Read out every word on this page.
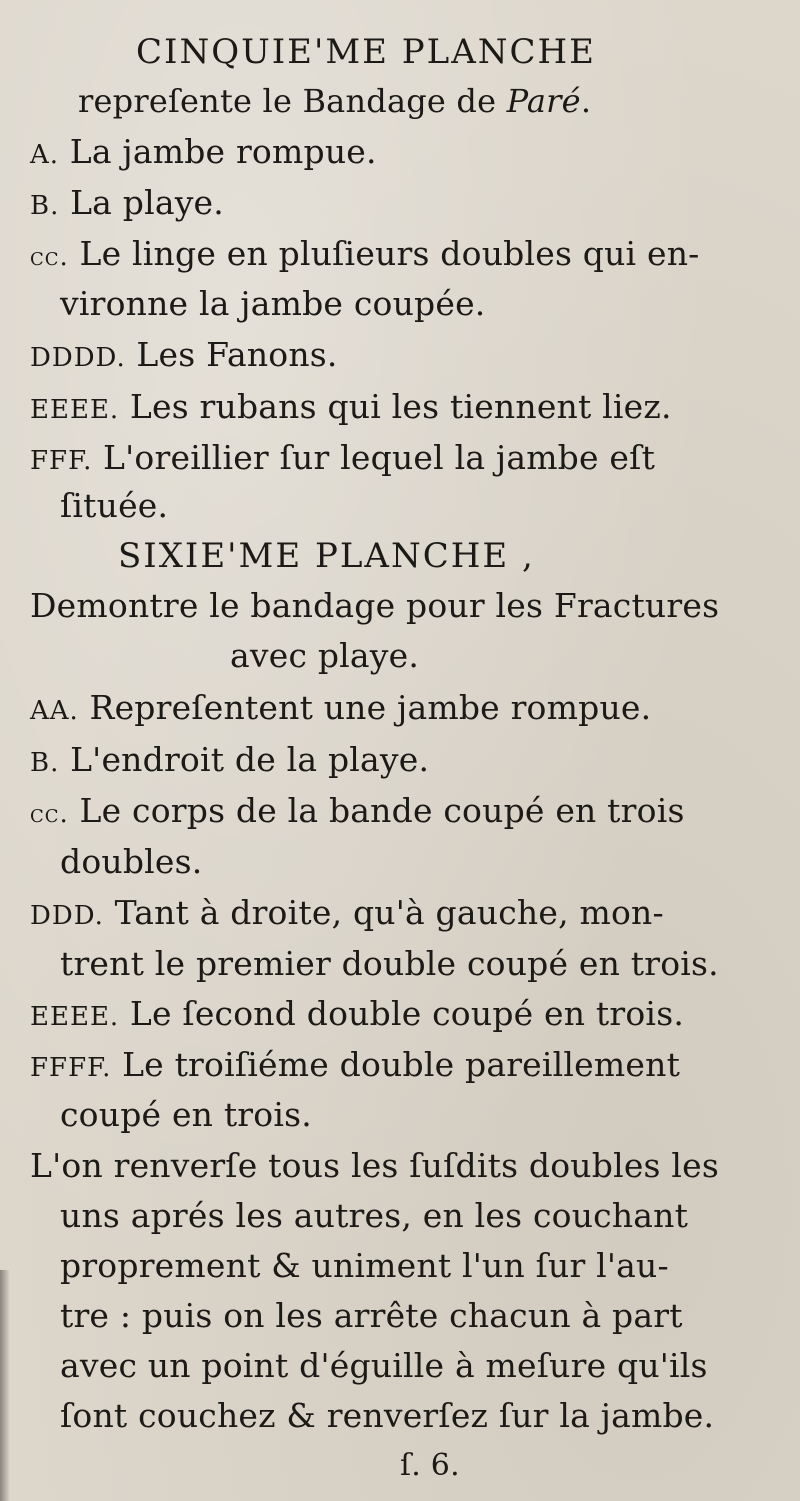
CINQUIE'ME PLANCHE
repreſente le Bandage de Paré.
A. La jambe rompue.
B. La playe.
cc. Le linge en pluſieurs doubles qui en-
vironne la jambe coupée.
DDDD. Les Fanons.
EEEE. Les rubans qui les tiennent liez.
FFF. L'oreillier ſur lequel la jambe eſt
ſituée.
SIXIE'ME PLANCHE ,
Demontre le bandage pour les Fractures
avec playe.
AA. Repreſentent une jambe rompue.
B. L'endroit de la playe.
cc. Le corps de la bande coupé en trois
doubles.
DDD. Tant à droite, qu'à gauche, mon-
trent le premier double coupé en trois.
EEEE. Le ſecond double coupé en trois.
FFFF. Le troiſiéme double pareillement
coupé en trois.
L'on renverſe tous les ſuſdits doubles les
uns aprés les autres, en les couchant
proprement & uniment l'un ſur l'au-
tre : puis on les arrête chacun à part
avec un point d'éguille à meſure qu'ils
ſont couchez & renverſez ſur la jambe.
ſ. 6.
